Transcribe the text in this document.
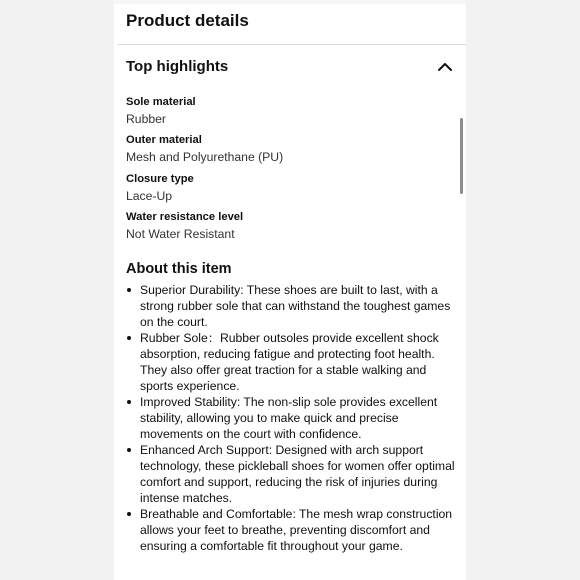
Product details
Top highlights
Sole material
Rubber
Outer material
Mesh and Polyurethane (PU)
Closure type
Lace-Up
Water resistance level
Not Water Resistant
About this item
Superior Durability: These shoes are built to last, with a strong rubber sole that can withstand the toughest games on the court.
Rubber Sole：Rubber outsoles provide excellent shock absorption, reducing fatigue and protecting foot health. They also offer great traction for a stable walking and sports experience.
Improved Stability: The non-slip sole provides excellent stability, allowing you to make quick and precise movements on the court with confidence.
Enhanced Arch Support: Designed with arch support technology, these pickleball shoes for women offer optimal comfort and support, reducing the risk of injuries during intense matches.
Breathable and Comfortable: The mesh wrap construction allows your feet to breathe, preventing discomfort and ensuring a comfortable fit throughout your game.
